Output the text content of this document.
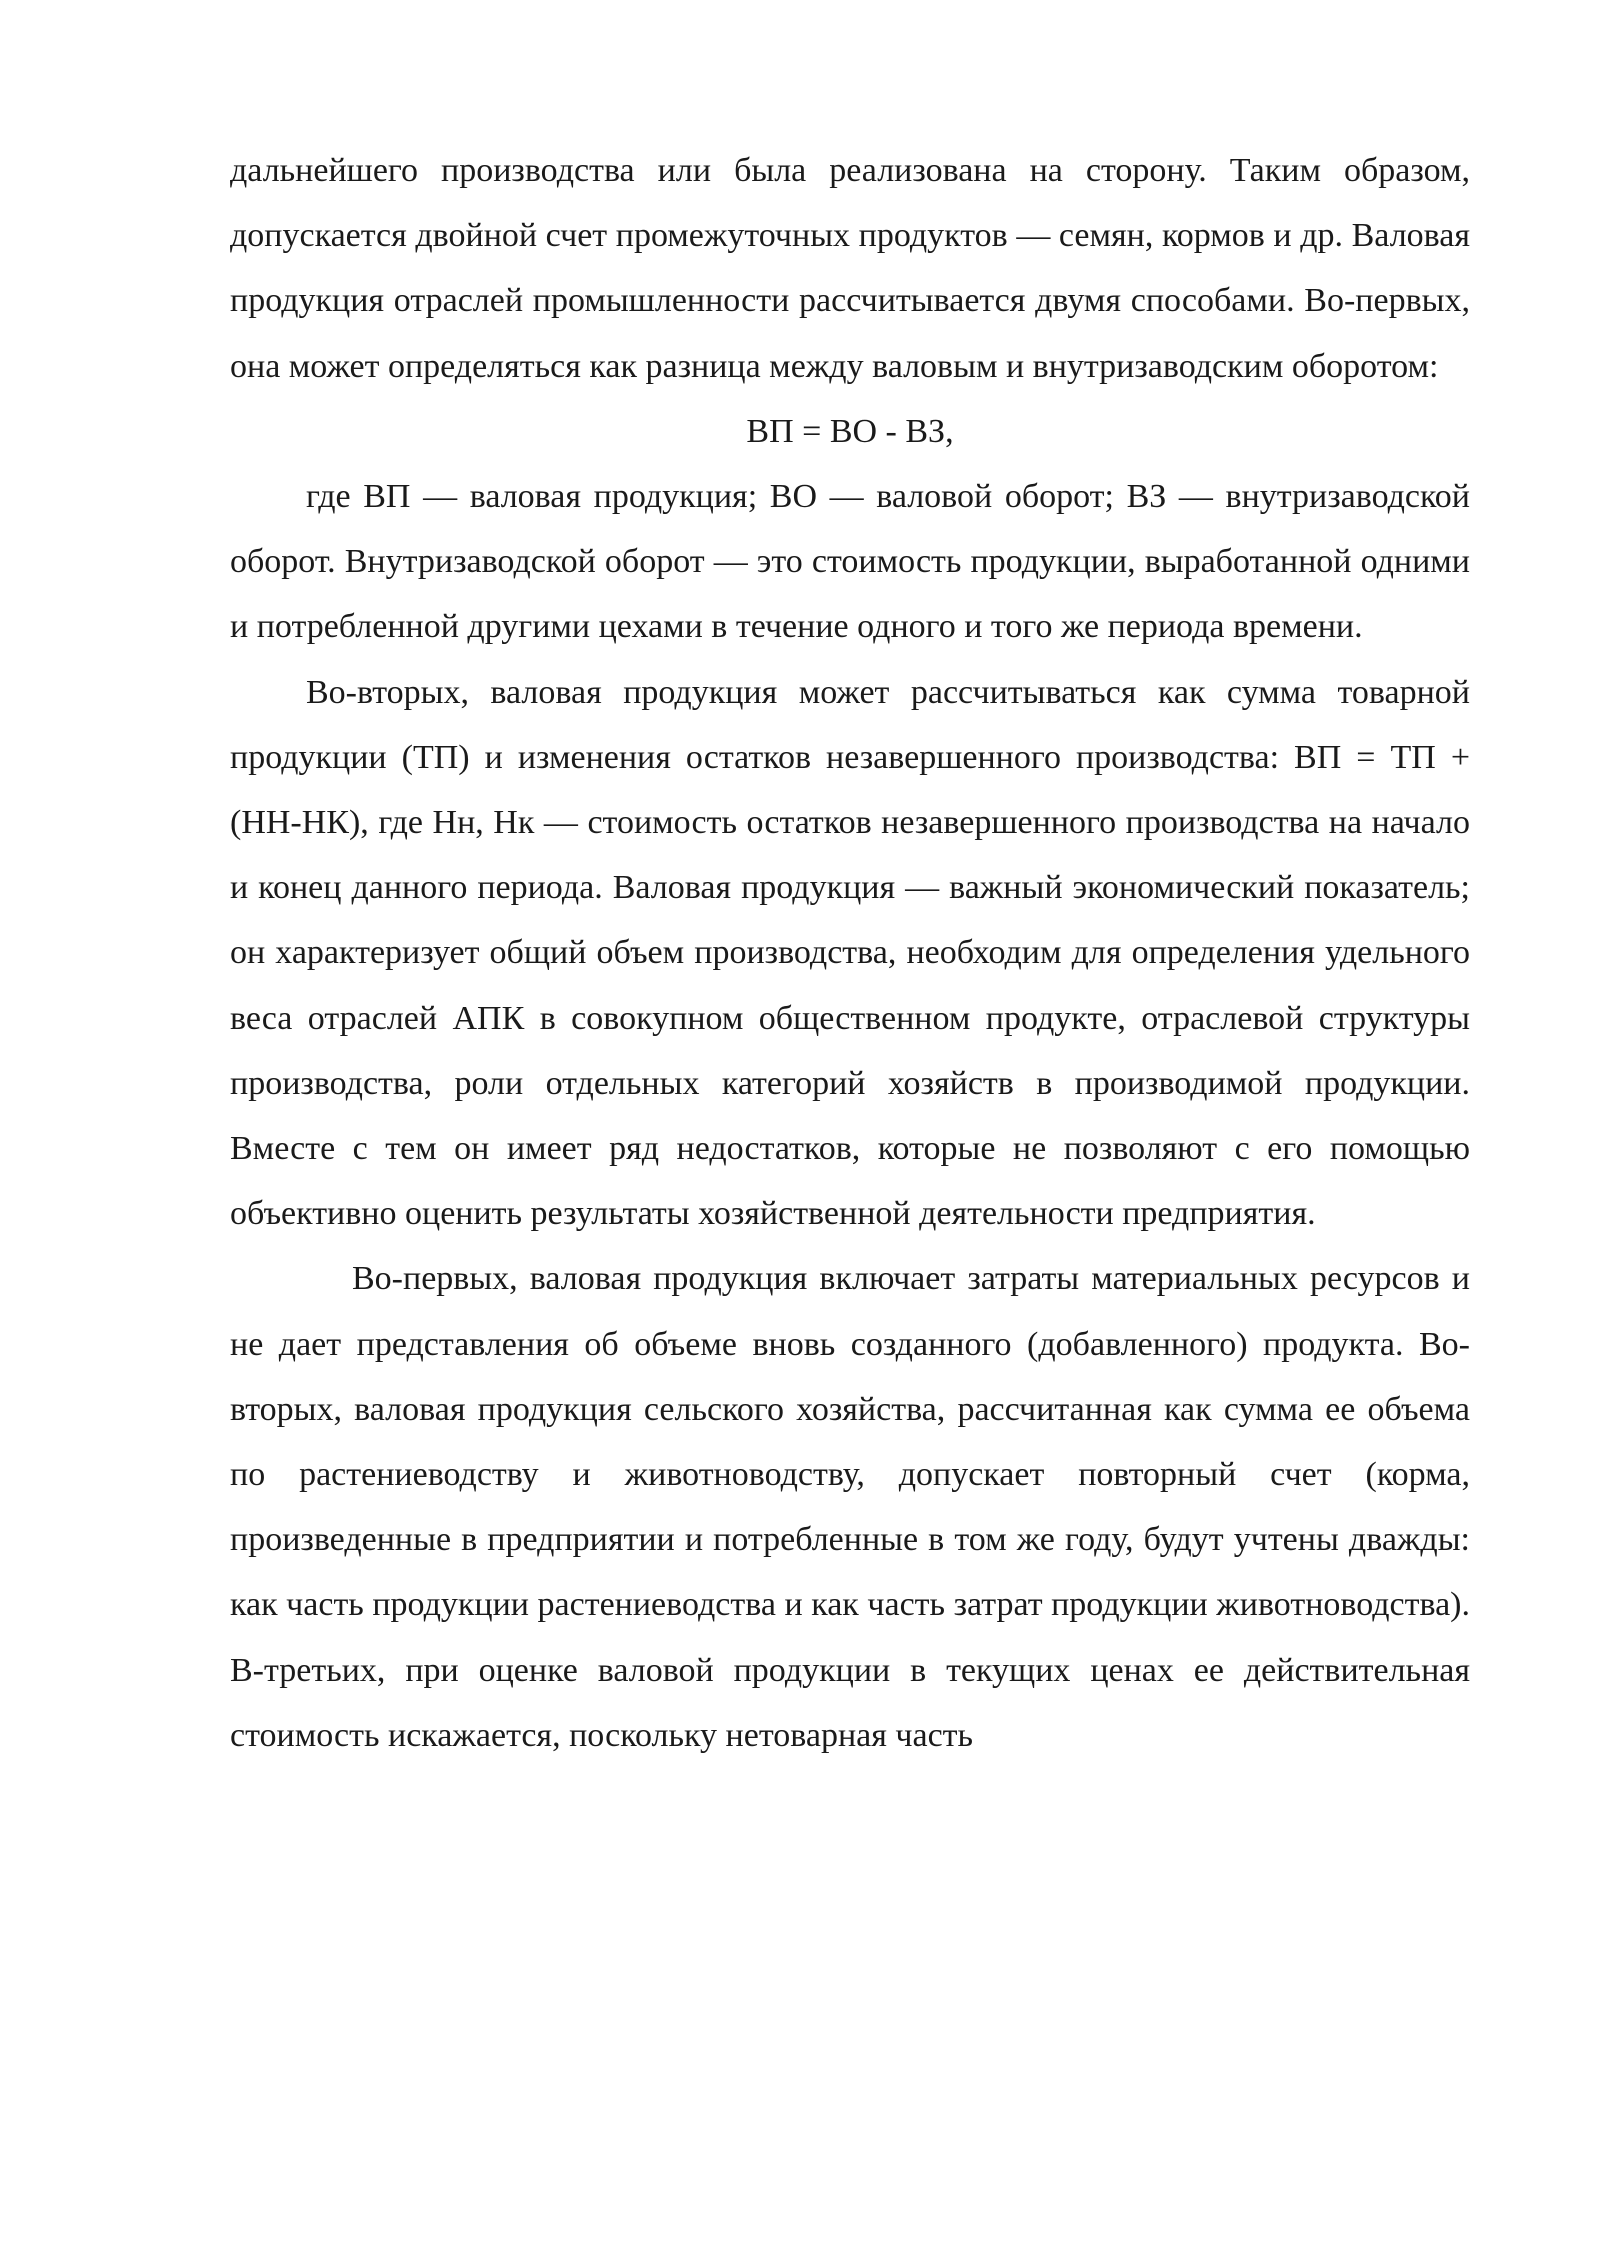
дальнейшего производства или была реализована на сторону. Таким образом, допускается двойной счет промежуточных продуктов — семян, кормов и др. Валовая продукция отраслей промышленности рассчитывается двумя способами. Во-первых, она может определяться как разница между валовым и внутризаводским оборотом:

ВП = ВО - ВЗ,

где ВП — валовая продукция; ВО — валовой оборот; ВЗ — внутризаводской оборот. Внутризаводской оборот — это стоимость продукции, выработанной одними и потребленной другими цехами в течение одного и того же периода времени.

Во-вторых, валовая продукция может рассчитываться как сумма товарной продукции (ТП) и изменения остатков незавершенного производства: ВП = ТП + (НН-НК), где Нн, Нк — стоимость остатков незавершенного производства на начало и конец данного периода. Валовая продукция — важный экономический показатель; он характеризует общий объем производства, необходим для определения удельного веса отраслей АПК в совокупном общественном продукте, отраслевой структуры производства, роли отдельных категорий хозяйств в производимой продукции. Вместе с тем он имеет ряд недостатков, которые не позволяют с его помощью объективно оценить результаты хозяйственной деятельности предприятия.

Во-первых, валовая продукция включает затраты материальных ресурсов и не дает представления об объеме вновь созданного (добавленного) продукта. Во-вторых, валовая продукция сельского хозяйства, рассчитанная как сумма ее объема по растениеводству и животноводству, допускает повторный счет (корма, произведенные в предприятии и потребленные в том же году, будут учтены дважды: как часть продукции растениеводства и как часть затрат продукции животноводства). В-третьих, при оценке валовой продукции в текущих ценах ее действительная стоимость искажается, поскольку нетоварная часть
